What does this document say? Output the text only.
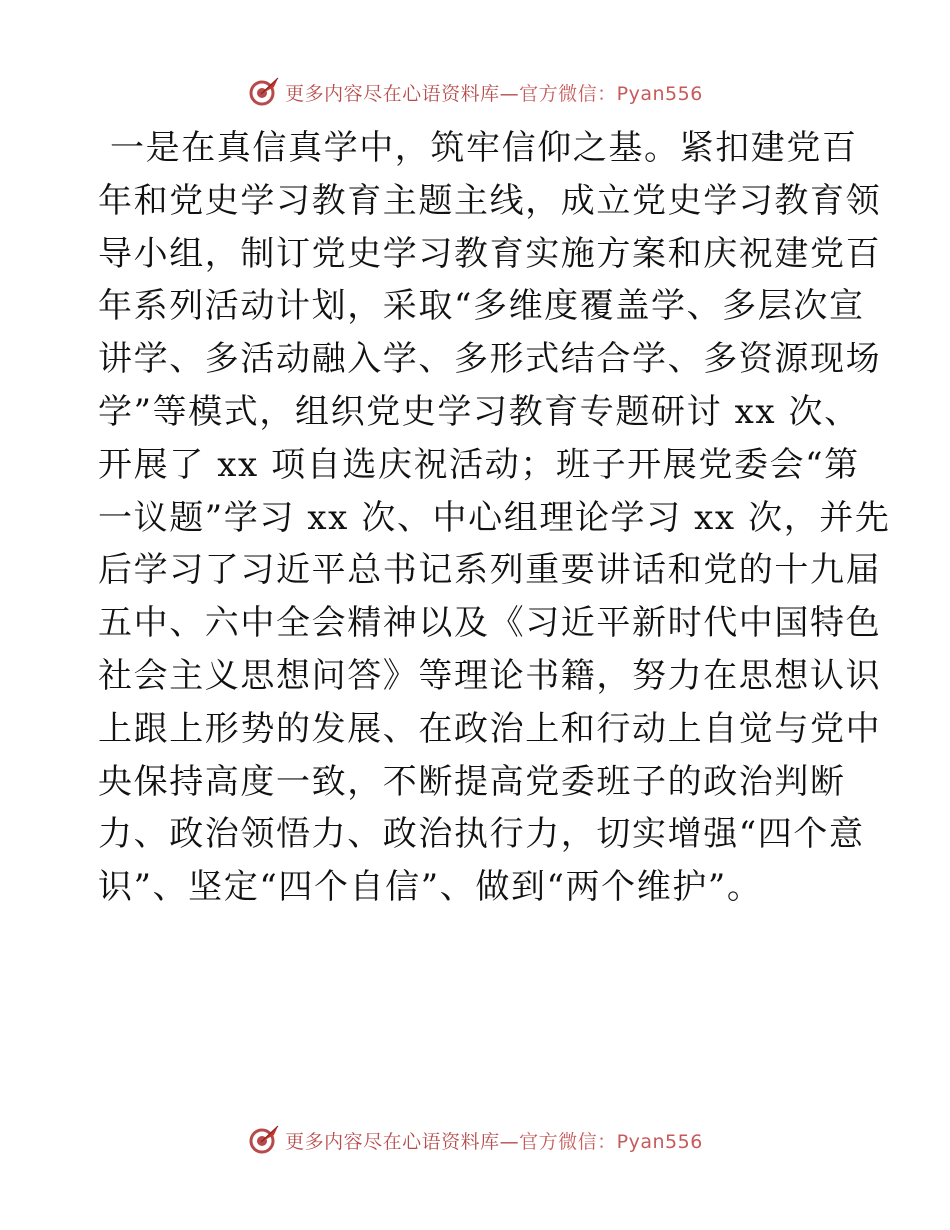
更多内容尽在心语资料库—官方微信：Pyan556
一是在真信真学中，筑牢信仰之基。紧扣建党百
年和党史学习教育主题主线，成立党史学习教育领
导小组，制订党史学习教育实施方案和庆祝建党百
年系列活动计划，采取“多维度覆盖学、多层次宣
讲学、多活动融入学、多形式结合学、多资源现场
学”等模式，组织党史学习教育专题研讨 xx 次、
开展了 xx 项自选庆祝活动；班子开展党委会“第
一议题”学习 xx 次、中心组理论学习 xx 次，并先
后学习了习近平总书记系列重要讲话和党的十九届
五中、六中全会精神以及《习近平新时代中国特色
社会主义思想问答》等理论书籍，努力在思想认识
上跟上形势的发展、在政治上和行动上自觉与党中
央保持高度一致，不断提高党委班子的政治判断
力、政治领悟力、政治执行力，切实增强“四个意
识”、坚定“四个自信”、做到“两个维护”。
更多内容尽在心语资料库—官方微信：Pyan556
